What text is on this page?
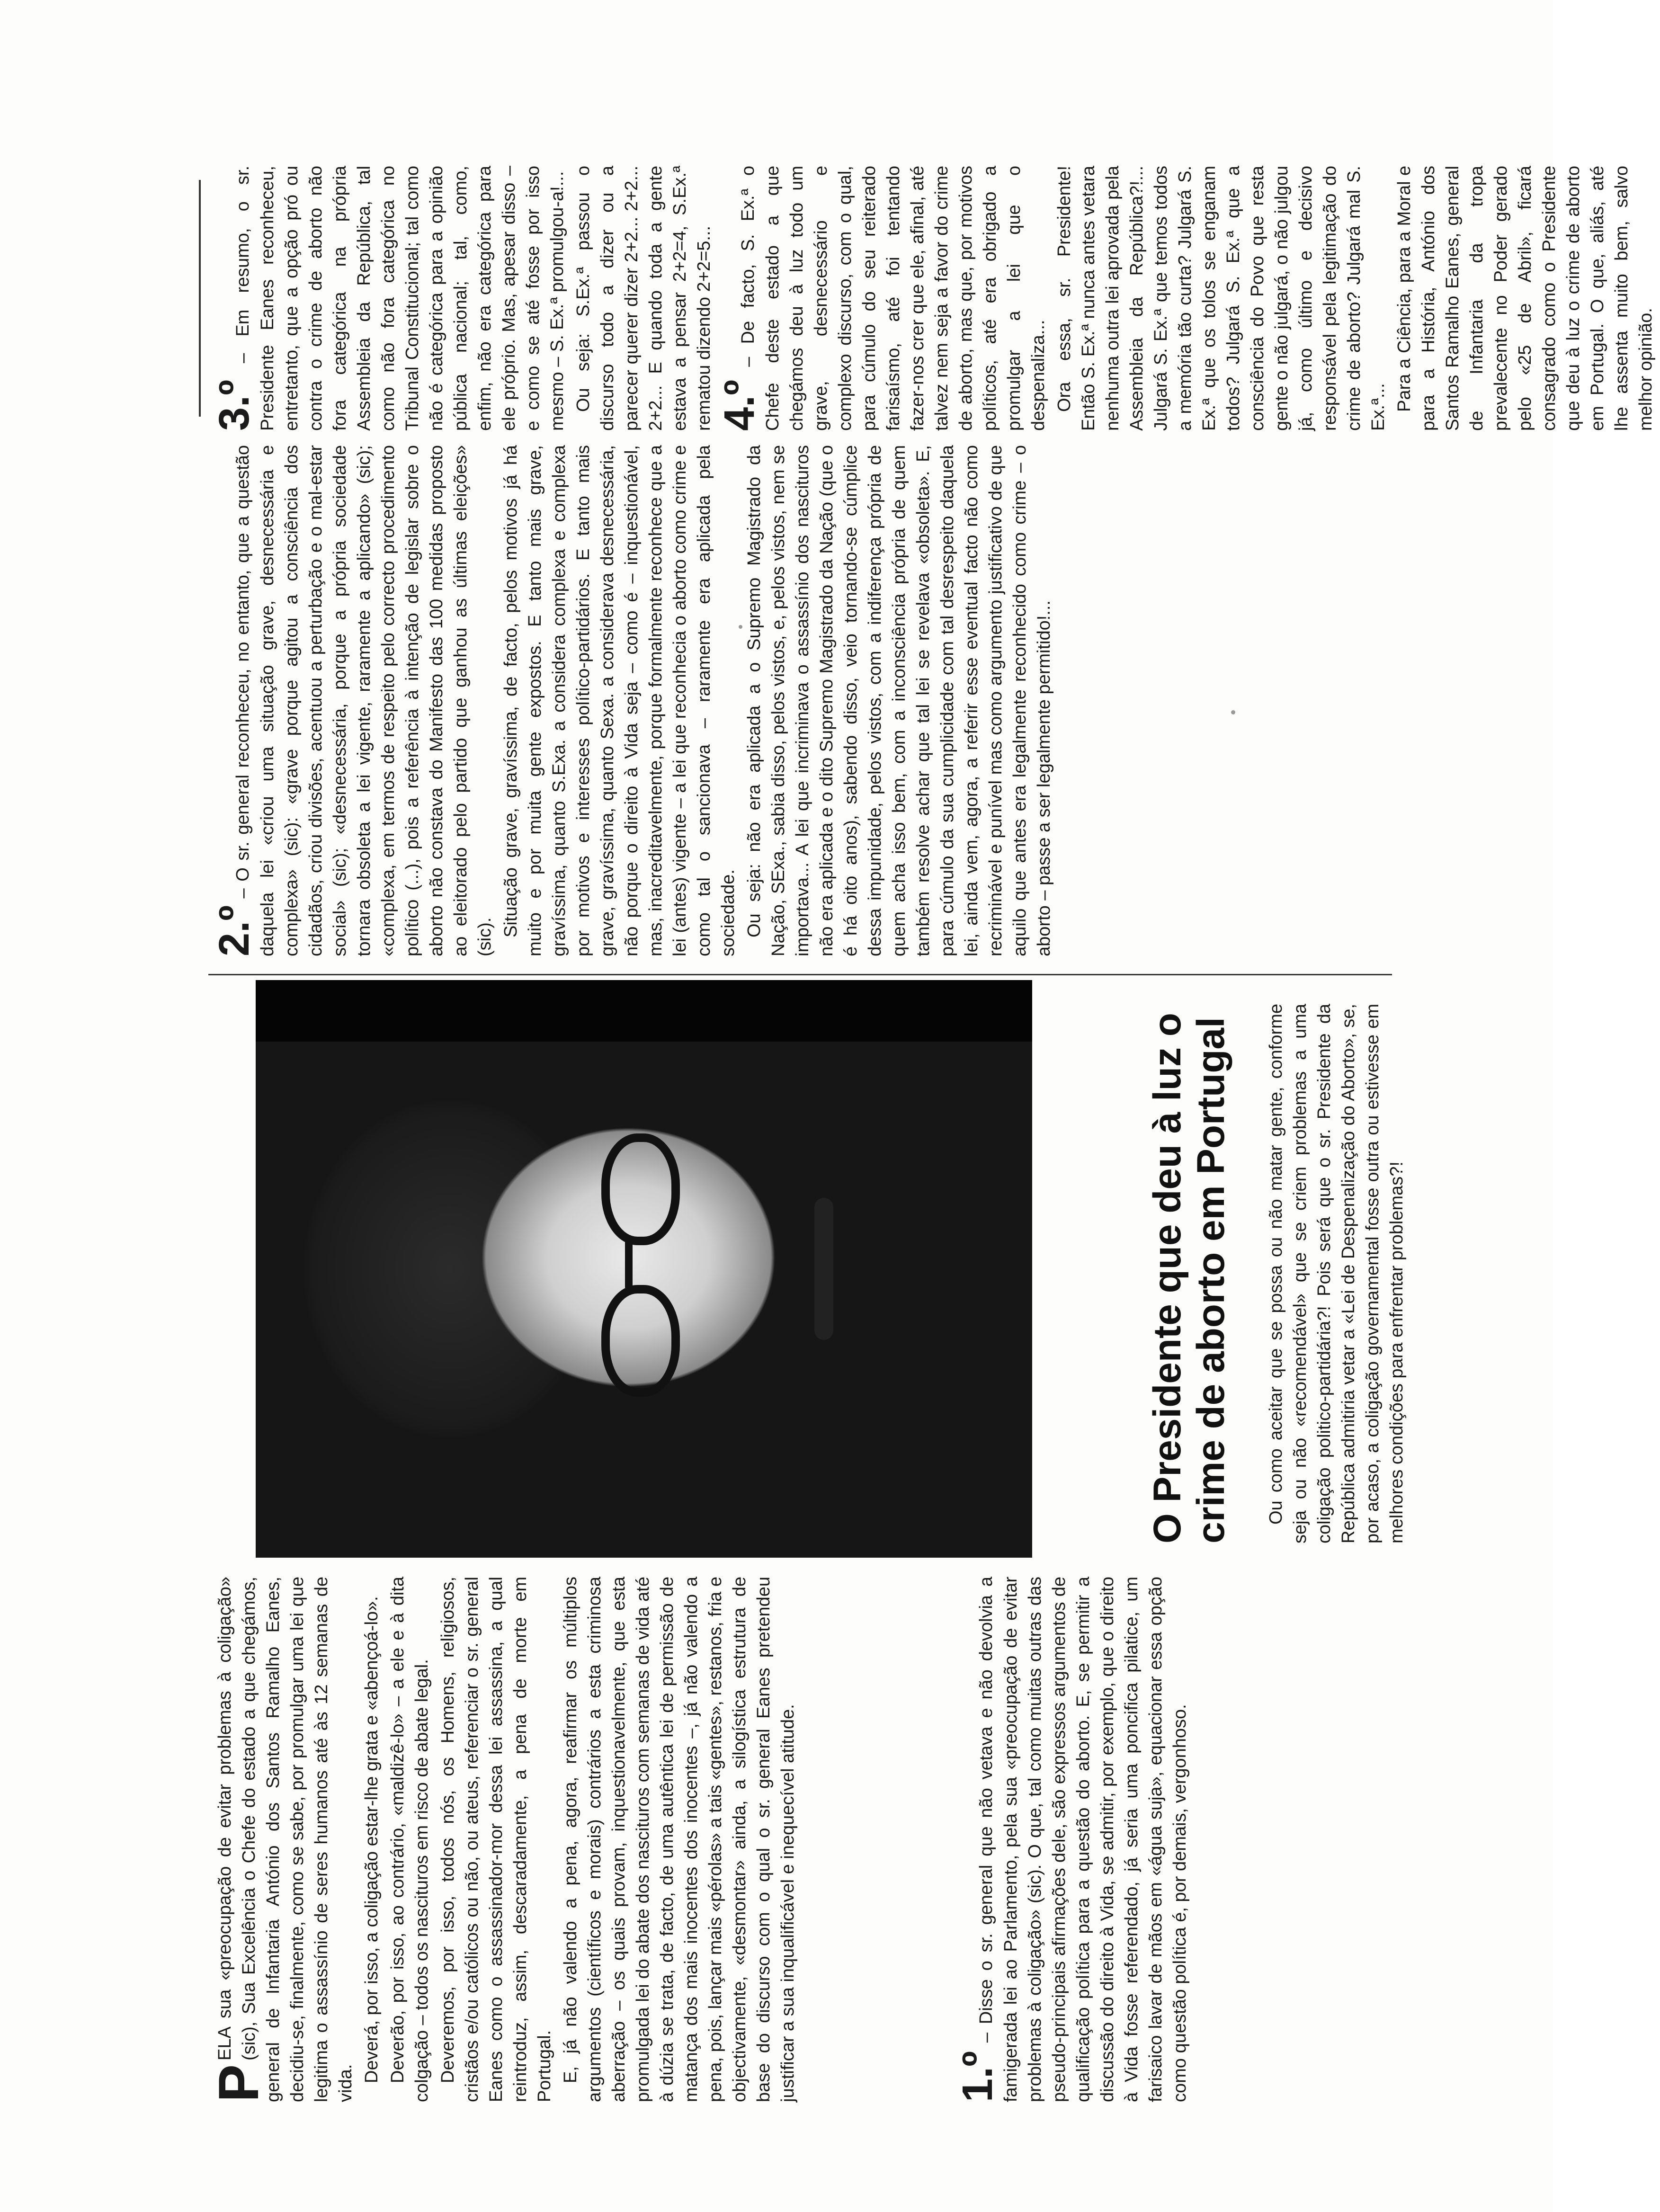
P
ELA sua «preocupação de evitar problemas à coligação» (sic), Sua Excelência o Chefe do estado a que chegámos, general de Infantaria António dos Santos Ramalho Eanes, decidiu-se, finalmente, como se sabe, por promulgar uma lei que legitima o assassínio de seres humanos até às 12 semanas de vida. Deverá, por isso, a coligação estar-lhe grata e «abençoá-lo». Deverão, por isso, ao contrário, «maldizê-lo» – a ele e à dita colgação – todos os nascituros em risco de abate legal. Deveremos, por isso, todos nós, os Homens, religiosos, cristãos e/ou católicos ou não, ou ateus, referenciar o sr. general Eanes como o assassinador-mor dessa lei assassina, a qual reintroduz, assim, descaradamente, a pena de morte em Portugal. E, já não valendo a pena, agora, reafirmar os múltiplos argumentos (científicos e morais) contrários a esta criminosa aberração – os quais provam, inquestionavelmente, que esta promulgada lei do abate dos nascituros com semanas de vida até à dúzia se trata, de facto, de uma autêntica lei de permissão de matança dos mais inocentes dos inocentes –, já não valendo a pena, pois, lançar mais «pérolas» a tais «gentes», restanos, fria e objectivamente, «desmontar» ainda, a silogística estrutura de base do discurso com o qual o sr. general Eanes pretendeu justificar a sua inqualificável e inequecível atitude.	1.º – Disse o sr. general que não vetava e não devolvia a famigerada lei ao Parlamento, pela sua «preocupação de evitar problemas à coligação» (sic). O que, tal como muitas outras das pseudo-principais afirmações dele, são expressos argumentos de qualificação política para a questão do aborto. E, se permitir a discussão do direito à Vida, se admitir, por exemplo, que o direito à Vida fosse referendado, já seria uma poncifica pilatice, um farisaico lavar de mãos em «água suja», equacionar essa opção como questão política é, por demais, vergonhoso.

O Presidente que deu à luz o crime de aborto em Portugal Ou como aceitar que se possa ou não matar gente, conforme seja ou não «recomendável» que se criem problemas a uma coligação politico-partidária?! Pois será que o sr. Presidente da República admitiria vetar a «Lei de Despenalização do Aborto», se, por acaso, a coligação governamental fosse outra ou estivesse em melhores condições para enfrentar problemas?!

2.º – O sr. general reconheceu, no entanto, que a questão daquela lei «criou uma situação grave, desnecessária e complexa» (sic): «grave porque agitou a consciência dos cidadãos, criou divisões, acentuou a perturbação e o mal-estar social» (sic); «desnecessária, porque a própria sociedade tornara obsoleta a lei vigente, raramente a aplicando» (sic); «complexa, em termos de respeito pelo correcto procedimento político (...), pois a referência à intenção de legislar sobre o aborto não constava do Manifesto das 100 medidas proposto ao eleitorado pelo partido que ganhou as últimas eleições» (sic). Situação grave, gravíssima, de facto, pelos motivos já há muito e por muita gente expostos. E tanto mais grave, gravíssima, quanto S.Exa. a considera complexa e complexa por motivos e interesses político-partidários. E tanto mais grave, gravíssima, quanto Sexa. a considerava desnecessária, não porque o direito à Vida seja – como é – inquestionável, mas, inacreditavelmente, porque formalmente reconhece que a lei (antes) vigente – a lei que reconhecia o aborto como crime e como tal o sancionava – raramente era aplicada pela sociedade. Ou seja: não era aplicada a o Supremo Magistrado da Nação, SExa., sabia disso, pelos vistos, e, pelos vistos, nem se importava... A lei que incriminava o assassínio dos nascituros não era aplicada e o dito Supremo Magistrado da Nação (que o é há oito anos), sabendo disso, veio tornando-se cúmplice dessa impunidade, pelos vistos, com a indiferença própria de quem acha isso bem, com a inconsciência própria de quem também resolve achar que tal lei se revelava «obsoleta». E, para cúmulo da sua cumplicidade com tal desrespeito daquela lei, ainda vem, agora, a referir esse eventual facto não como recriminável e punível mas como argumento justificativo de que aquilo que antes era legalmente reconhecido como crime – o aborto – passe a ser legalmente permitido!...

3.º – Em resumo, o sr. Presidente Eanes reconheceu, entretanto, que a opção pró ou contra o crime de aborto não fora categórica na própria Assembleia da República, tal como não fora categórica no Tribunal Constitucional; tal como não é categórica para a opinião pública nacional; tal, como, enfim, não era categórica para ele próprio. Mas, apesar disso – e como se até fosse por isso mesmo – S. Ex.ª promulgou-a!... Ou seja: S.Ex.ª passou o discurso todo a dizer ou a parecer querer dizer 2+2... 2+2... 2+2... E quando toda a gente estava a pensar 2+2=4, S.Ex.ª rematou dizendo 2+2=5... 4.º – De facto, S. Ex.ª o Chefe deste estado a que chegámos deu à luz todo um grave, desnecessário e complexo discurso, com o qual, para cúmulo do seu reiterado farisaísmo, até foi tentando fazer-nos crer que ele, afinal, até talvez nem seja a favor do crime de aborto, mas que, por motivos políticos, até era obrigado a promulgar a lei que o despenaliza... Ora essa, sr. Presidente! Então S. Ex.ª nunca antes vetara nenhuma outra lei aprovada pela Assembleia da República?!... Julgará S. Ex.ª que temos todos a memória tão curta? Julgará S. Ex.ª que os tolos se enganam todos? Julgará S. Ex.ª que a consciência do Povo que resta gente o não julgará, o não julgou já, como último e decisivo responsável pela legitimação do crime de aborto? Julgará mal S. Ex.ª... Para a Ciência, para a Moral e para a História, António dos Santos Ramalho Eanes, general de Infantaria da tropa prevalecente no Poder gerado pelo «25 de Abril», ficará consagrado como o Presidente que deu à luz o crime de aborto em Portugal. O que, aliás, até lhe assenta muito bem, salvo melhor opinião.
